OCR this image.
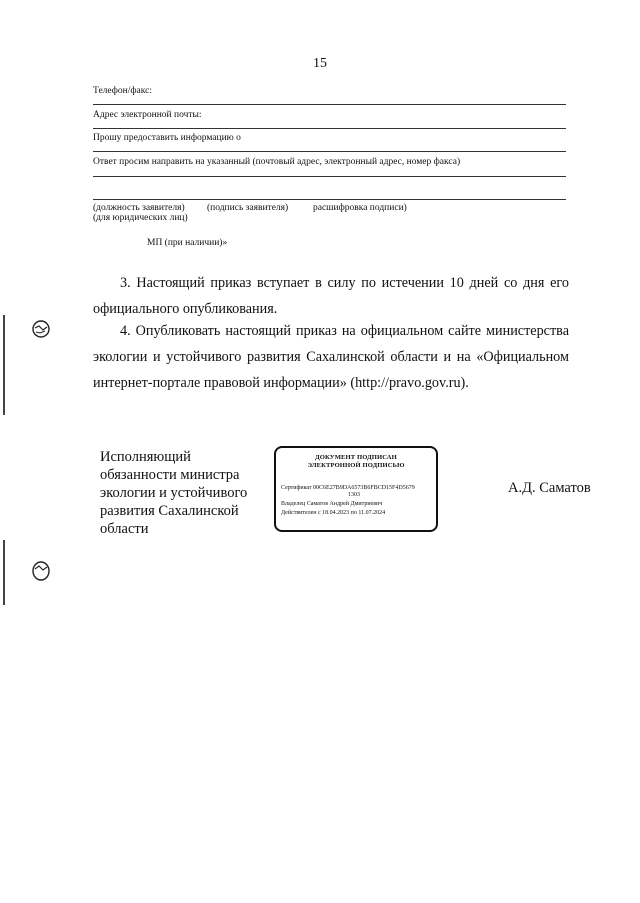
15
Телефон/факс:
Адрес электронной почты:
Прошу предоставить информацию о
Ответ просим направить на указанный (почтовый адрес, электронный адрес, номер факса)
(должность заявителя)
(для юридических лиц)
(подпись заявителя)	расшифровка подписи)
МП (при наличии)»
3. Настоящий приказ вступает в силу по истечении 10 дней со дня его официального опубликования.
4. Опубликовать настоящий приказ на официальном сайте министерства экологии и устойчивого развития Сахалинской области и на «Официальном интернет-портале правовой информации» (http://pravo.gov.ru).
Исполняющий
обязанности министра
экологии и устойчивого
развития Сахалинской
области
ДОКУМЕНТ ПОДПИСАН
ЭЛЕКТРОННОЙ ПОДПИСЬЮ
Сертификат 00C6E27B9DA6573B6FBCD15F4D5679
1303
Владелец Саматов Андрей Дмитриевич
Действителен с 18.04.2023 по 11.07.2024
А.Д. Саматов
